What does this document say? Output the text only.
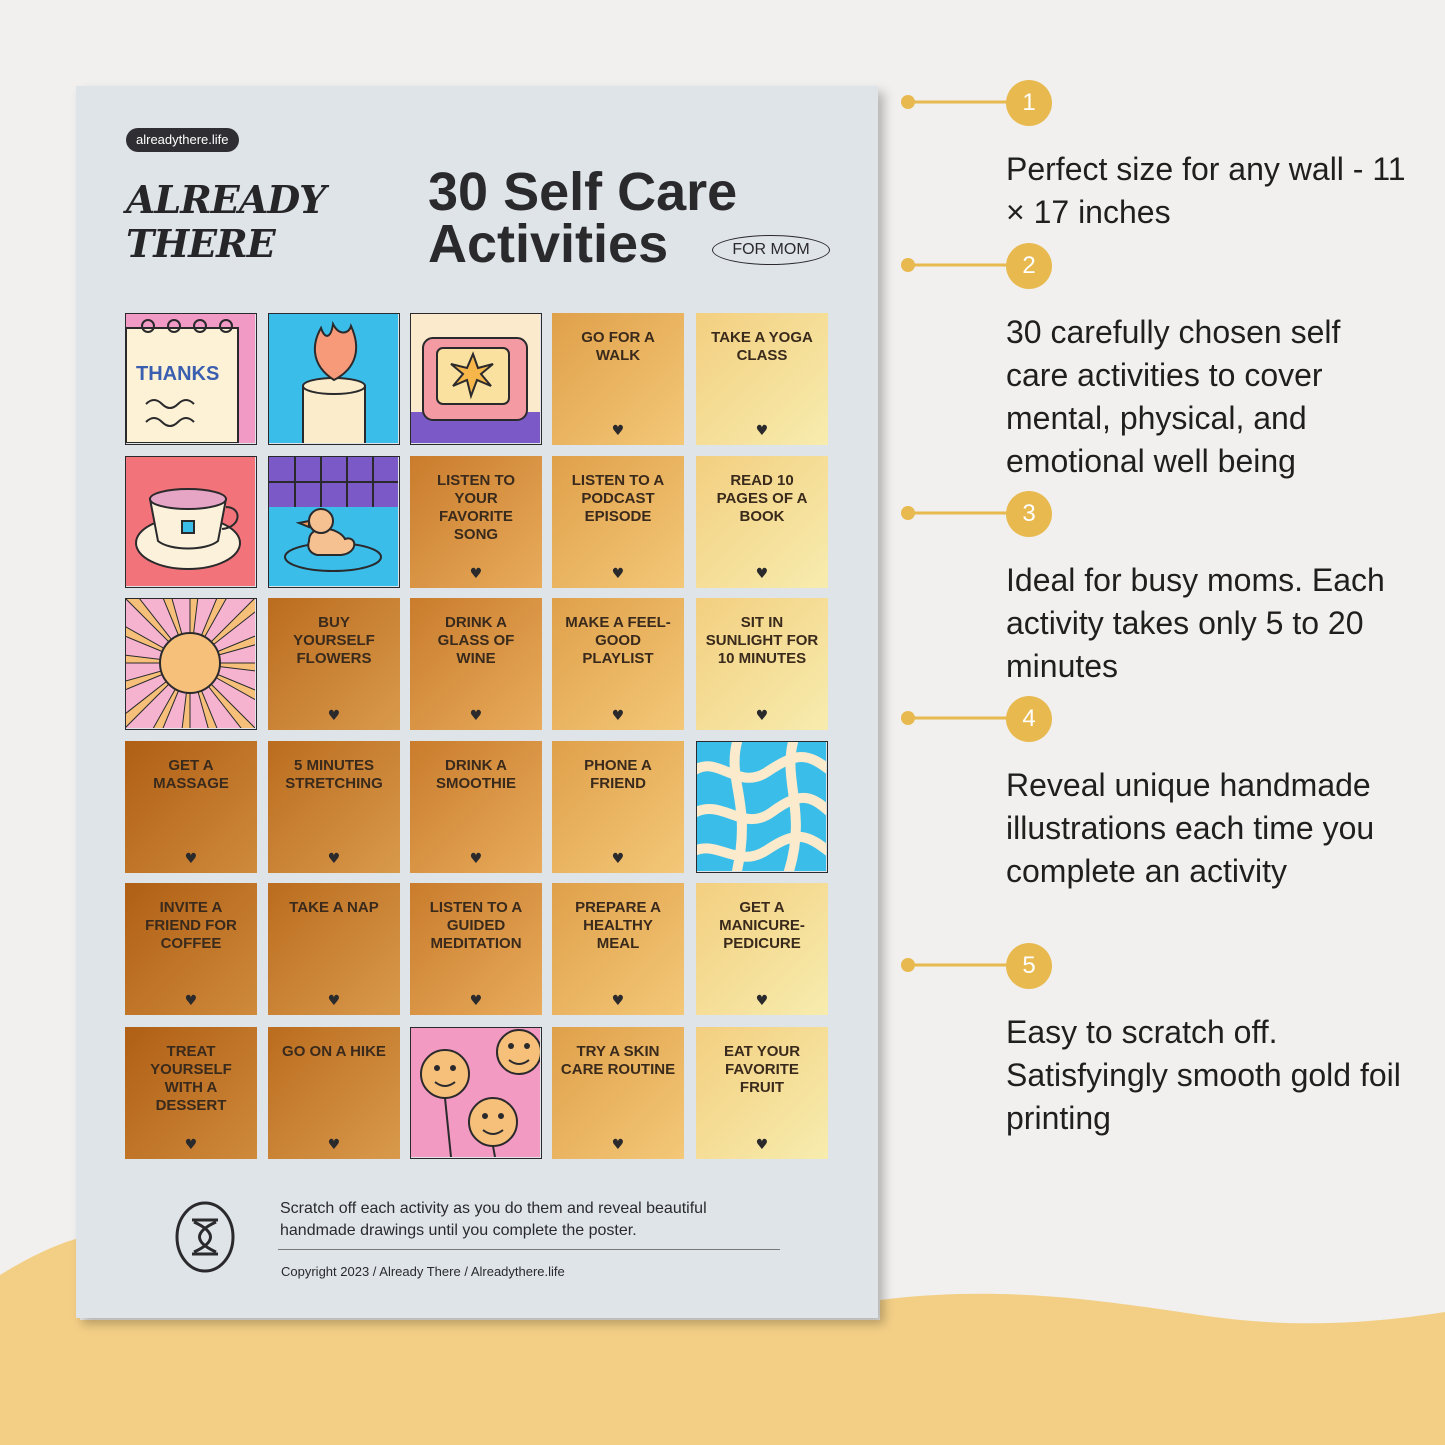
alreadythere.life
ALREADY
THERE
30 Self Care
Activities	FOR MOM
THANKS
GO FOR A WALK
♥
TAKE A YOGA CLASS
♥
LISTEN TO YOUR FAVORITE SONG
♥
LISTEN TO A PODCAST EPISODE
♥
READ 10 PAGES OF A BOOK
♥
BUY YOURSELF FLOWERS
♥
DRINK A GLASS OF WINE
♥
MAKE A FEEL-GOOD PLAYLIST
♥
SIT IN SUNLIGHT FOR 10 MINUTES
♥
GET A MASSAGE
♥
5 MINUTES STRETCHING
♥
DRINK A SMOOTHIE
♥
PHONE A FRIEND
♥
INVITE A FRIEND FOR COFFEE
♥
TAKE A NAP
♥
LISTEN TO A GUIDED MEDITATION
♥
PREPARE A HEALTHY MEAL
♥
GET A MANICURE-PEDICURE
♥
TREAT YOURSELF WITH A DESSERT
♥
GO ON A HIKE
♥
TRY A SKIN CARE ROUTINE
♥
EAT YOUR FAVORITE FRUIT
♥
Scratch off each activity as you do them and reveal beautiful handmade drawings until you complete the poster.
Copyright 2023 / Already There / Alreadythere.life
1
Perfect size for any wall - 11 × 17 inches
2
30 carefully chosen self care activities to cover mental, physical, and emotional well being
3
Ideal for busy moms. Each activity takes only 5 to 20 minutes
4
Reveal unique handmade illustrations each time you complete an activity
5
Easy to scratch off. Satisfyingly smooth gold foil printing
